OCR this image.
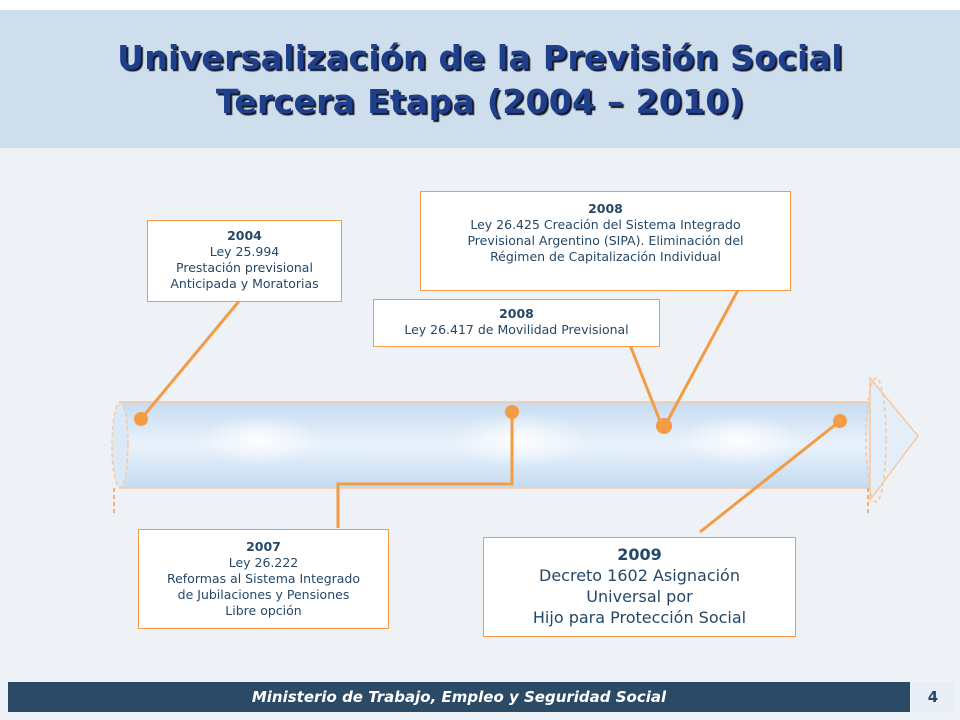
Universalización de la Previsión Social
Tercera Etapa (2004 – 2010)
2004
Ley 25.994
Prestación previsional
Anticipada y Moratorias
2008
Ley 26.425 Creación del Sistema Integrado
Previsional Argentino (SIPA). Eliminación del
Régimen de Capitalización Individual
2008
Ley 26.417 de Movilidad Previsional
2007
Ley 26.222
Reformas al Sistema Integrado
de Jubilaciones y Pensiones
Libre opción
2009
Decreto 1602 Asignación
Universal por
Hijo para Protección Social
Ministerio de Trabajo, Empleo y Seguridad Social	4
